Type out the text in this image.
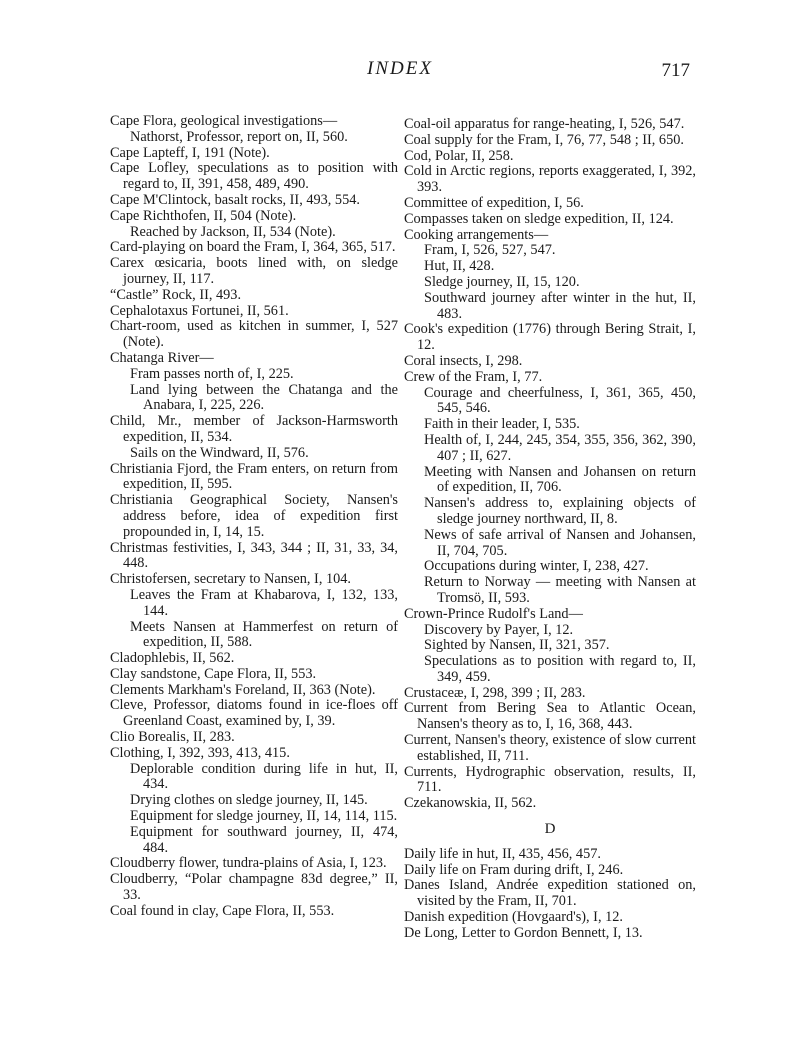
INDEX	717

Cape Flora, geological investigations—

Nathorst, Professor, report on, II, 560.

Cape Lapteff, I, 191 (Note).

Cape Lofley, speculations as to position with regard to, II, 391, 458, 489, 490.

Cape M'Clintock, basalt rocks, II, 493, 554.

Cape Richthofen, II, 504 (Note).

Reached by Jackson, II, 534 (Note).

Card-playing on board the Fram, I, 364, 365, 517.

Carex œsicaria, boots lined with, on sledge journey, II, 117.

“Castle” Rock, II, 493.

Cephalotaxus Fortunei, II, 561.

Chart-room, used as kitchen in summer, I, 527 (Note).

Chatanga River—

Fram passes north of, I, 225.

Land lying between the Chatanga and the Anabara, I, 225, 226.

Child, Mr., member of Jackson-Harmsworth expedition, II, 534.

Sails on the Windward, II, 576.

Christiania Fjord, the Fram enters, on return from expedition, II, 595.

Christiania Geographical Society, Nansen's address before, idea of expedition first propounded in, I, 14, 15.

Christmas festivities, I, 343, 344 ; II, 31, 33, 34, 448.

Christofersen, secretary to Nansen, I, 104.

Leaves the Fram at Khabarova, I, 132, 133, 144.

Meets Nansen at Hammerfest on return of expedition, II, 588.

Cladophlebis, II, 562.

Clay sandstone, Cape Flora, II, 553.

Clements Markham's Foreland, II, 363 (Note).

Cleve, Professor, diatoms found in ice-floes off Greenland Coast, examined by, I, 39.

Clio Borealis, II, 283.

Clothing, I, 392, 393, 413, 415.

Deplorable condition during life in hut, II, 434.

Drying clothes on sledge journey, II, 145.

Equipment for sledge journey, II, 14, 114, 115.

Equipment for southward journey, II, 474, 484.

Cloudberry flower, tundra-plains of Asia, I, 123.

Cloudberry, “Polar champagne 83d degree,” II, 33.

Coal found in clay, Cape Flora, II, 553.

Coal-oil apparatus for range-heating, I, 526, 547.

Coal supply for the Fram, I, 76, 77, 548 ; II, 650.

Cod, Polar, II, 258.

Cold in Arctic regions, reports exaggerated, I, 392, 393.

Committee of expedition, I, 56.

Compasses taken on sledge expedition, II, 124.

Cooking arrangements—

Fram, I, 526, 527, 547.

Hut, II, 428.

Sledge journey, II, 15, 120.

Southward journey after winter in the hut, II, 483.

Cook's expedition (1776) through Bering Strait, I, 12.

Coral insects, I, 298.

Crew of the Fram, I, 77.

Courage and cheerfulness, I, 361, 365, 450, 545, 546.

Faith in their leader, I, 535.

Health of, I, 244, 245, 354, 355, 356, 362, 390, 407 ; II, 627.

Meeting with Nansen and Johansen on return of expedition, II, 706.

Nansen's address to, explaining objects of sledge journey northward, II, 8.

News of safe arrival of Nansen and Johansen, II, 704, 705.

Occupations during winter, I, 238, 427.

Return to Norway — meeting with Nansen at Tromsö, II, 593.

Crown-Prince Rudolf's Land—

Discovery by Payer, I, 12.

Sighted by Nansen, II, 321, 357.

Speculations as to position with regard to, II, 349, 459.

Crustaceæ, I, 298, 399 ; II, 283.

Current from Bering Sea to Atlantic Ocean, Nansen's theory as to, I, 16, 368, 443.

Current, Nansen's theory, existence of slow current established, II, 711.

Currents, Hydrographic observation, results, II, 711.

Czekanowskia, II, 562.

D

Daily life in hut, II, 435, 456, 457.

Daily life on Fram during drift, I, 246.

Danes Island, Andrée expedition stationed on, visited by the Fram, II, 701.

Danish expedition (Hovgaard's), I, 12.

De Long, Letter to Gordon Bennett, I, 13.
